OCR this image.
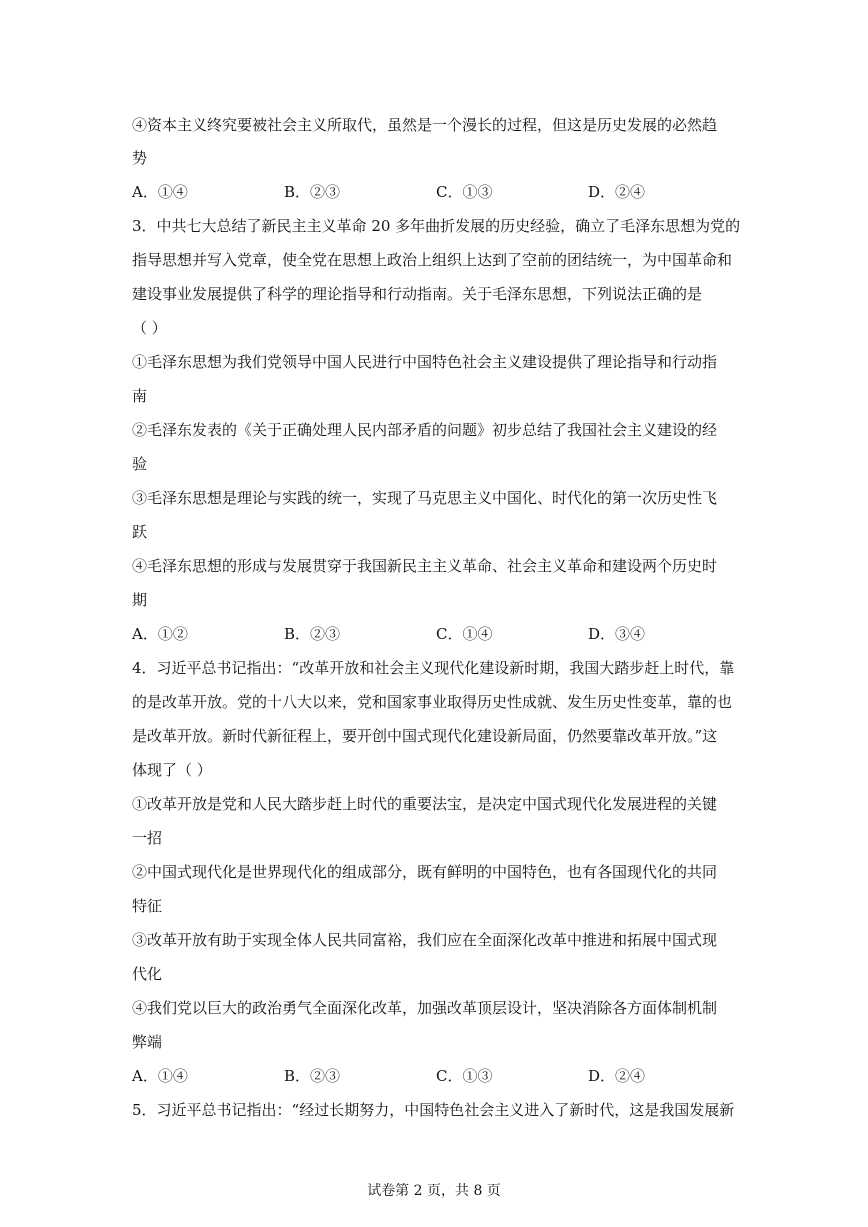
④资本主义终究要被社会主义所取代，虽然是一个漫长的过程，但这是历史发展的必然趋
势
A．①④	B．②③	C．①③	D．②④
3．中共七大总结了新民主主义革命 20 多年曲折发展的历史经验，确立了毛泽东思想为党的
指导思想并写入党章，使全党在思想上政治上组织上达到了空前的团结统一，为中国革命和
建设事业发展提供了科学的理论指导和行动指南。关于毛泽东思想，下列说法正确的是
（ ）
①毛泽东思想为我们党领导中国人民进行中国特色社会主义建设提供了理论指导和行动指
南
②毛泽东发表的《关于正确处理人民内部矛盾的问题》初步总结了我国社会主义建设的经
验
③毛泽东思想是理论与实践的统一，实现了马克思主义中国化、时代化的第一次历史性飞
跃
④毛泽东思想的形成与发展贯穿于我国新民主主义革命、社会主义革命和建设两个历史时
期
A．①②	B．②③	C．①④	D．③④
4．习近平总书记指出：“改革开放和社会主义现代化建设新时期，我国大踏步赶上时代，靠
的是改革开放。党的十八大以来，党和国家事业取得历史性成就、发生历史性变革，靠的也
是改革开放。新时代新征程上，要开创中国式现代化建设新局面，仍然要靠改革开放。”这
体现了（ ）
①改革开放是党和人民大踏步赶上时代的重要法宝，是决定中国式现代化发展进程的关键
一招
②中国式现代化是世界现代化的组成部分，既有鲜明的中国特色，也有各国现代化的共同
特征
③改革开放有助于实现全体人民共同富裕，我们应在全面深化改革中推进和拓展中国式现
代化
④我们党以巨大的政治勇气全面深化改革，加强改革顶层设计，坚决消除各方面体制机制
弊端
A．①④	B．②③	C．①③	D．②④
5．习近平总书记指出：“经过长期努力，中国特色社会主义进入了新时代，这是我国发展新
试卷第 2 页，共 8 页
